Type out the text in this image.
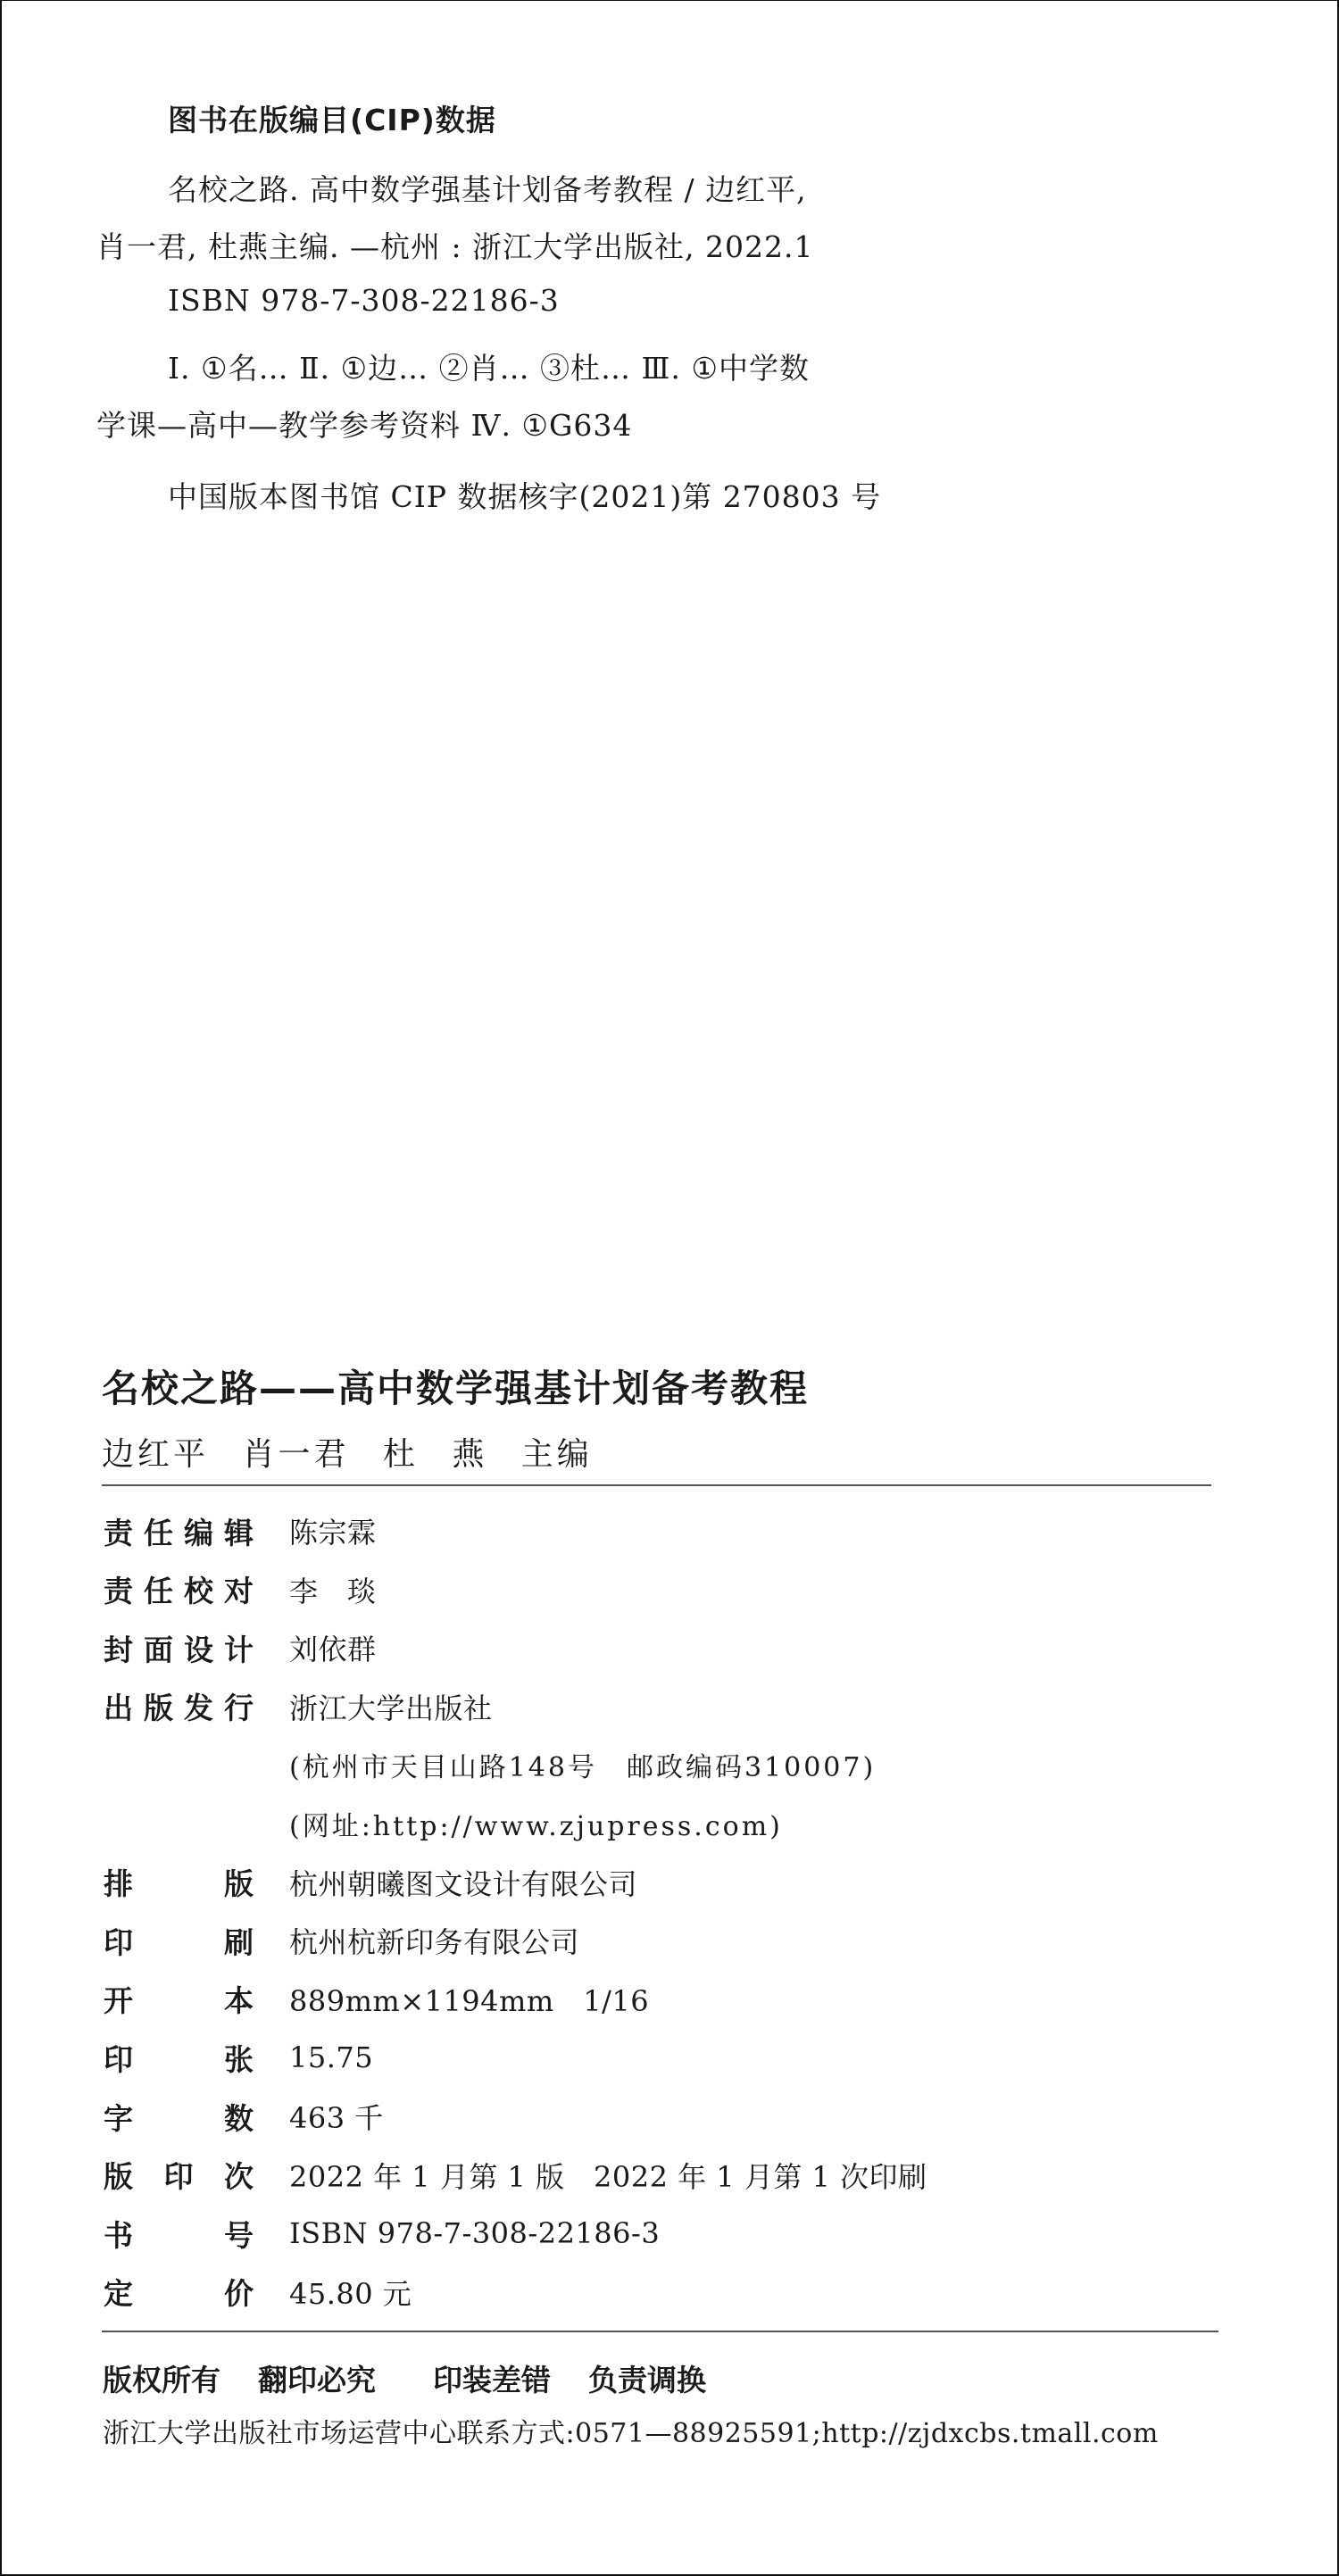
图书在版编目(CIP)数据
名校之路. 高中数学强基计划备考教程 / 边红平,
肖一君, 杜燕主编. —杭州 : 浙江大学出版社, 2022.1
ISBN 978-7-308-22186-3
Ⅰ. ①名… Ⅱ. ①边… ②肖… ③杜… Ⅲ. ①中学数
学课—高中—教学参考资料 Ⅳ. ①G634
中国版本图书馆 CIP 数据核字(2021)第 270803 号
名校之路——高中数学强基计划备考教程
边红平 肖一君 杜 燕 主编
责 任 编 辑 陈宗霖
责 任 校 对 李　琰
封 面 设 计 刘依群
出 版 发 行 浙江大学出版社
(杭州市天目山路148号　邮政编码310007)
(网址:http://www.zjupress.com)
排	版 杭州朝曦图文设计有限公司
印	刷 杭州杭新印务有限公司
开	本 889mm×1194mm　1/16
印	张 15.75
字	数 463 千
版 印 次 2022 年 1 月第 1 版　2022 年 1 月第 1 次印刷
书	号 ISBN 978-7-308-22186-3
定	价 45.80 元
版权所有 翻印必究 印装差错 负责调换
浙江大学出版社市场运营中心联系方式:0571—88925591;http://zjdxcbs.tmall.com
